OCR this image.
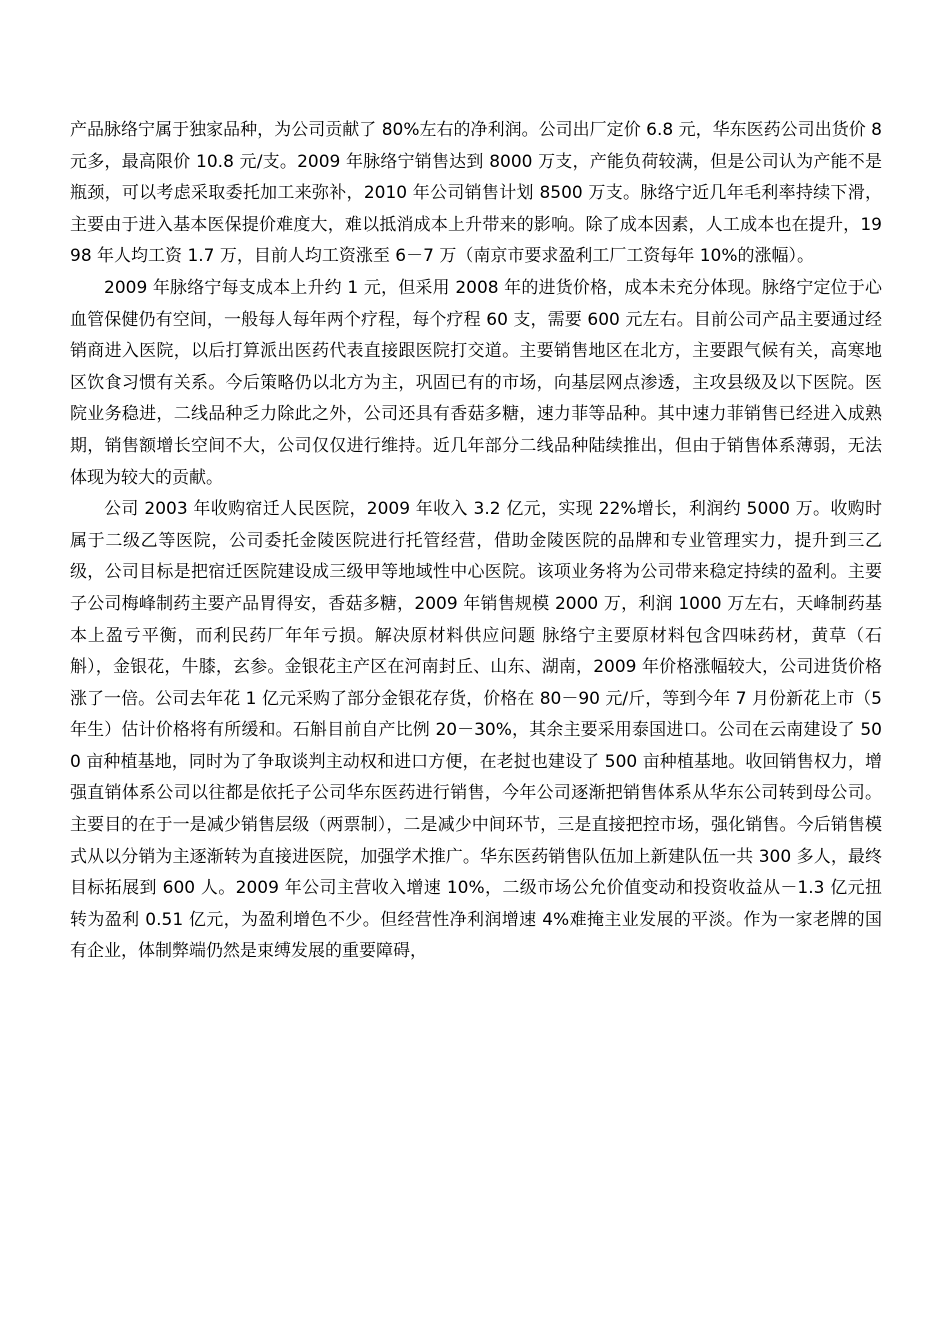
产品脉络宁属于独家品种，为公司贡献了 80%左右的净利润。公司出厂定价 6.8 元，华东医药公司出货价 8 元多，最高限价 10.8 元/支。2009 年脉络宁销售达到 8000 万支，产能负荷较满，但是公司认为产能不是瓶颈，可以考虑采取委托加工来弥补，2010 年公司销售计划 8500 万支。脉络宁近几年毛利率持续下滑，主要由于进入基本医保提价难度大，难以抵消成本上升带来的影响。除了成本因素，人工成本也在提升，1998 年人均工资 1.7 万，目前人均工资涨至 6－7 万（南京市要求盈利工厂工资每年 10%的涨幅）。

2009 年脉络宁每支成本上升约 1 元，但采用 2008 年的进货价格，成本未充分体现。脉络宁定位于心血管保健仍有空间，一般每人每年两个疗程，每个疗程 60 支，需要 600 元左右。目前公司产品主要通过经销商进入医院，以后打算派出医药代表直接跟医院打交道。主要销售地区在北方，主要跟气候有关，高寒地区饮食习惯有关系。今后策略仍以北方为主，巩固已有的市场，向基层网点渗透，主攻县级及以下医院。医院业务稳进，二线品种乏力除此之外，公司还具有香菇多糖，速力菲等品种。其中速力菲销售已经进入成熟期，销售额增长空间不大，公司仅仅进行维持。近几年部分二线品种陆续推出，但由于销售体系薄弱，无法体现为较大的贡献。

公司 2003 年收购宿迁人民医院，2009 年收入 3.2 亿元，实现 22%增长，利润约 5000 万。收购时属于二级乙等医院，公司委托金陵医院进行托管经营，借助金陵医院的品牌和专业管理实力，提升到三乙级，公司目标是把宿迁医院建设成三级甲等地域性中心医院。该项业务将为公司带来稳定持续的盈利。主要子公司梅峰制药主要产品胃得安，香菇多糖，2009 年销售规模 2000 万，利润 1000 万左右，天峰制药基本上盈亏平衡，而利民药厂年年亏损。解决原材料供应问题 脉络宁主要原材料包含四味药材，黄草（石斛），金银花，牛膝，玄参。金银花主产区在河南封丘、山东、湖南，2009 年价格涨幅较大，公司进货价格涨了一倍。公司去年花 1 亿元采购了部分金银花存货，价格在 80－90 元/斤，等到今年 7 月份新花上市（5 年生）估计价格将有所缓和。石斛目前自产比例 20－30%，其余主要采用泰国进口。公司在云南建设了 500 亩种植基地，同时为了争取谈判主动权和进口方便，在老挝也建设了 500 亩种植基地。收回销售权力，增强直销体系公司以往都是依托子公司华东医药进行销售，今年公司逐渐把销售体系从华东公司转到母公司。主要目的在于一是减少销售层级（两票制），二是减少中间环节，三是直接把控市场，强化销售。今后销售模式从以分销为主逐渐转为直接进医院，加强学术推广。华东医药销售队伍加上新建队伍一共 300 多人，最终目标拓展到 600 人。2009 年公司主营收入增速 10%，二级市场公允价值变动和投资收益从－1.3 亿元扭转为盈利 0.51 亿元，为盈利增色不少。但经营性净利润增速 4%难掩主业发展的平淡。作为一家老牌的国有企业，体制弊端仍然是束缚发展的重要障碍，
